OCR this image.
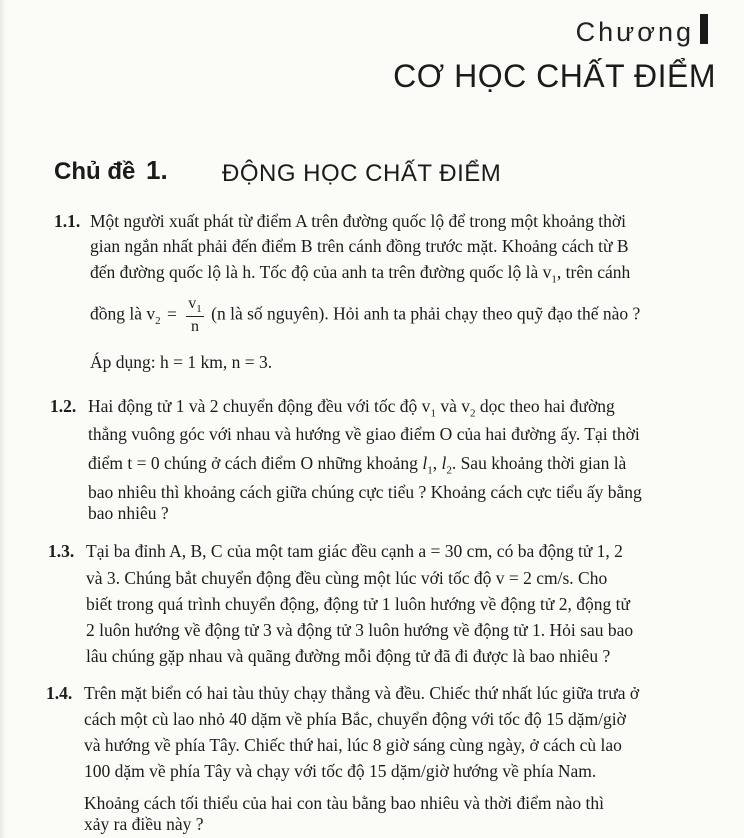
Chương
CƠ HỌC CHẤT ĐIỂM
Chủ đề 1. ĐỘNG HỌC CHẤT ĐIỂM
1.1. Một người xuất phát từ điểm A trên đường quốc lộ để trong một khoảng thời
gian ngắn nhất phải đến điểm B trên cánh đồng trước mặt. Khoảng cách từ B
đến đường quốc lộ là h. Tốc độ của anh ta trên đường quốc lộ là $v_1$, trên cánh
đồng là $v_2 = \frac{v_1}{n} (n$ là số nguyên). Hỏi anh ta phải chạy theo quỹ đạo thế nào ?
Áp dụng: h = 1 km, n = 3.
1.2. Hai động tử 1 và 2 chuyển động đều với tốc độ $v_1$ và $v_2$ dọc theo hai đường
thẳng vuông góc với nhau và hướng về giao điểm O của hai đường ấy. Tại thời
điểm t = 0 chúng ở cách điểm O những khoảng $l_1$, $l_2$. Sau khoảng thời gian là
bao nhiêu thì khoảng cách giữa chúng cực tiểu ? Khoảng cách cực tiểu ấy bằng
bao nhiêu ?
1.3. Tại ba đỉnh A, B, C của một tam giác đều cạnh a = 30 cm, có ba động tử 1, 2
và 3. Chúng bắt chuyển động đều cùng một lúc với tốc độ v = 2 cm/s. Cho
biết trong quá trình chuyển động, động tử 1 luôn hướng về động tử 2, động tử
2 luôn hướng về động tử 3 và động tử 3 luôn hướng về động tử 1. Hỏi sau bao
lâu chúng gặp nhau và quãng đường mỗi động tử đã đi được là bao nhiêu ?
1.4. Trên mặt biển có hai tàu thủy chạy thẳng và đều. Chiếc thứ nhất lúc giữa trưa ở
cách một cù lao nhỏ 40 dặm về phía Bắc, chuyển động với tốc độ 15 dặm/giờ
và hướng về phía Tây. Chiếc thứ hai, lúc 8 giờ sáng cùng ngày, ở cách cù lao
100 dặm về phía Tây và chạy với tốc độ 15 dặm/giờ hướng về phía Nam.
Khoảng cách tối thiểu của hai con tàu bằng bao nhiêu và thời điểm nào thì
xảy ra điều này ?
